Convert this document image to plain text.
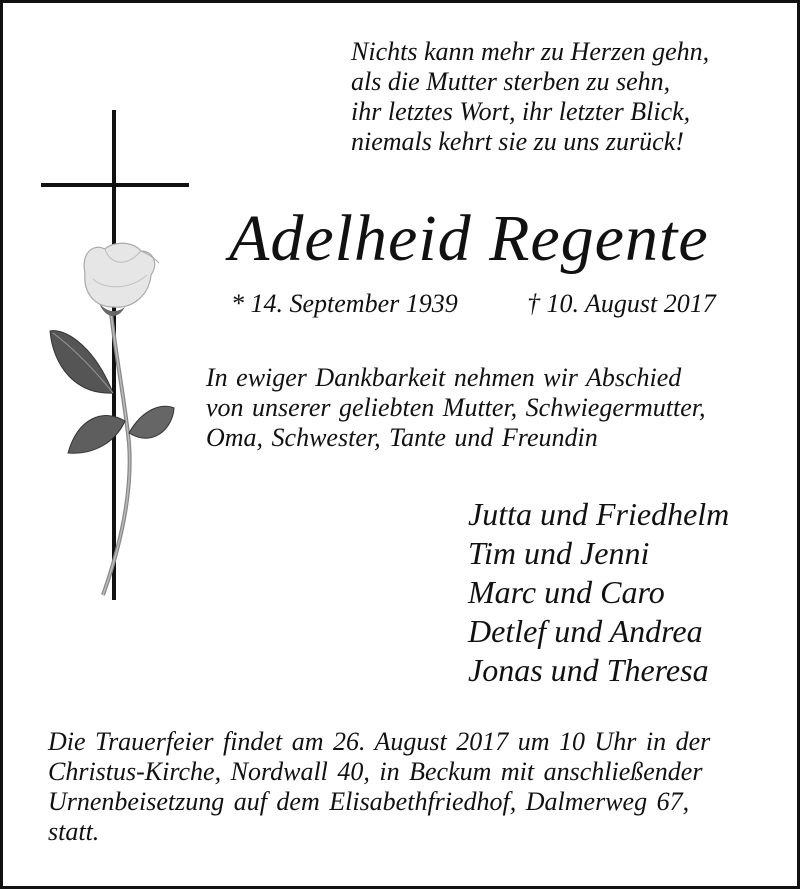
Nichts kann mehr zu Herzen gehn,
als die Mutter sterben zu sehn,
ihr letztes Wort, ihr letzter Blick,
niemals kehrt sie zu uns zurück!
Adelheid Regente
* 14. September 1939	† 10. August 2017
In ewiger Dankbarkeit nehmen wir Abschied
von unserer geliebten Mutter, Schwiegermutter,
Oma, Schwester, Tante und Freundin
Jutta und Friedhelm
Tim und Jenni
Marc und Caro
Detlef und Andrea
Jonas und Theresa
Die Trauerfeier findet am 26. August 2017 um 10 Uhr in der
Christus-Kirche, Nordwall 40, in Beckum mit anschließender
Urnenbeisetzung auf dem Elisabethfriedhof, Dalmerweg 67,
statt.
